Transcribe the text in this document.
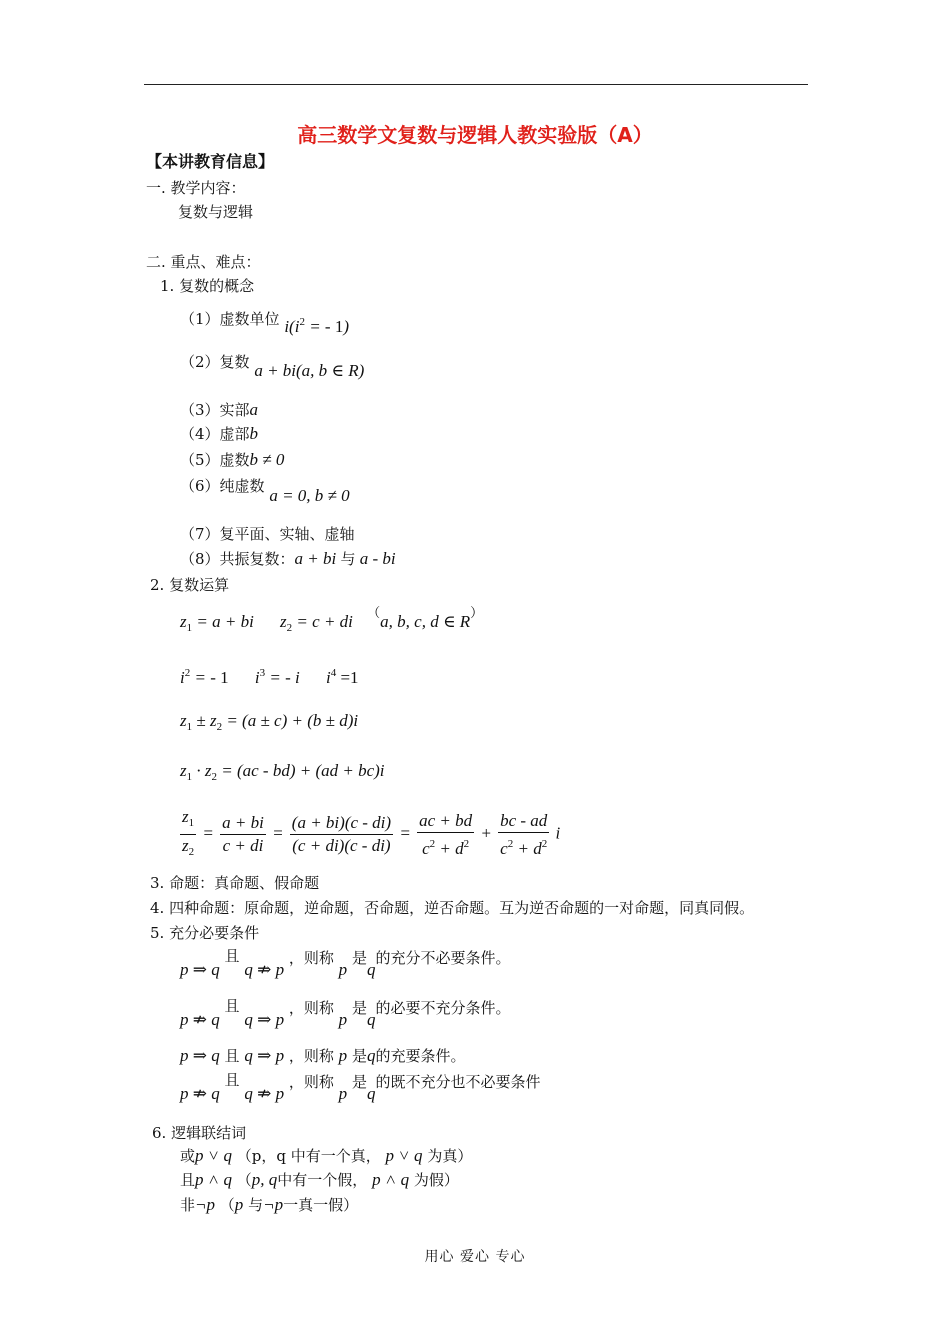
高三数学文复数与逻辑人教实验版（A）
【本讲教育信息】
一. 教学内容：
复数与逻辑
二. 重点、难点：
1. 复数的概念
（1）虚数单位 $i(i^2$ = - 1)
（2）复数 a + bi(a, b ∈ R)
（3）实部a
（4）虚部b
（5）虚数b ≠ 0
（6）纯虚数 a = 0, b ≠ 0
（7）复平面、实轴、虚轴
（8）共振复数：a + bi 与 a - bi
2. 复数运算
$z_1 = a$ + bi $z_2 = c$ + di （a, b, c, d ∈ R）
$i^2$ = - 1 $i^3$ = - i $i^4 =1$
$z_1 \pm z_2 = (a \pm c) + (b \pm d)i$
$z_1 \cdot z_2 = (ac - bd) + (ad + bc)i$
$\frac{z_1}{z_2} = \frac{a + bi}{c + di} = \frac{(a + bi)(c - di)}{(c + di)(c - di)} = \frac{ac + bd}{c^2 + d^2} + \frac{bc - ad}{c^2 + d^2}$ i
3. 命题：真命题、假命题
4. 四种命题：原命题，逆命题，否命题，逆否命题。互为逆否命题的一对命题，同真同假。
5. 充分必要条件
p ⇒ q 且 q ⇏ p ，则称 p 是q的充分不必要条件。
p ⇏ q 且 q ⇒ p ，则称 p 是q的必要不充分条件。
p ⇒ q 且 q ⇒ p ，则称 p 是q的充要条件。
p ⇏ q 且 q ⇏ p ，则称 p 是q的既不充分也不必要条件
6. 逻辑联结词
或p ˅ q （p，q 中有一个真， p ˅ q 为真）
且p ˄ q （p, q中有一个假， p ˄ q 为假）
非¬p （p 与¬p一真一假）
用心 爱心 专心
